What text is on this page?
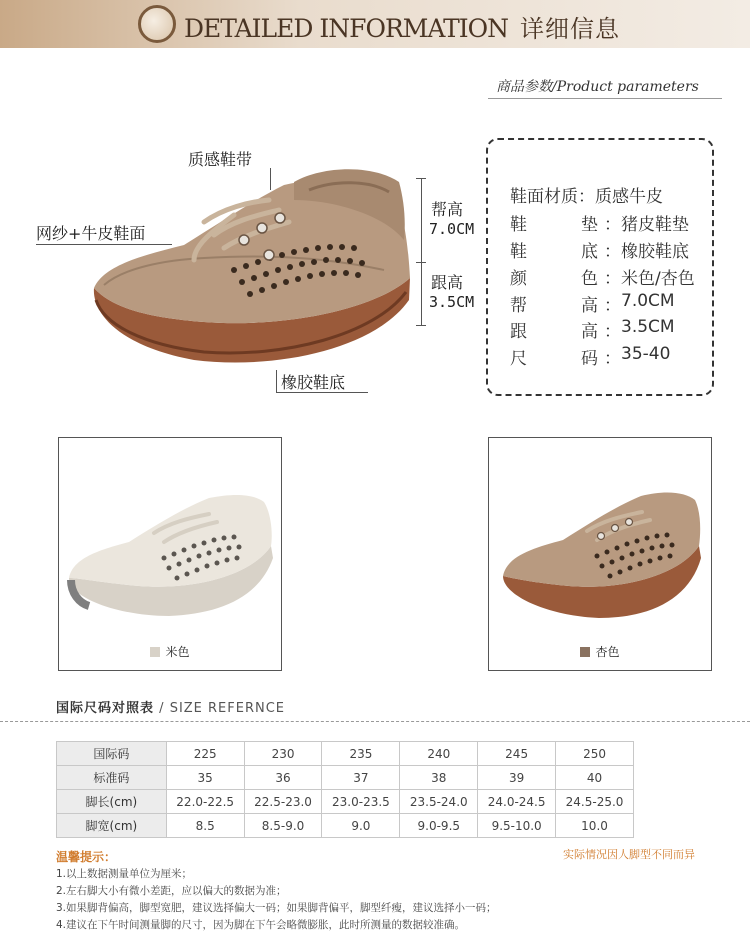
DETAILED INFORMATION 详细信息
商品参数/Product parameters
质感鞋带
网纱+牛皮鞋面
橡胶鞋底
帮高
7.0CM
跟高
3.5CM
鞋面材质 ： 质感牛皮
鞋	垫 ： 猪皮鞋垫
鞋	底 ： 橡胶鞋底
颜	色 ： 米色/杏色
帮	高 ： 7.0CM
跟	高 ： 3.5CM
尺	码 ： 35-40
米色	杏色
国际尺码对照表 / SIZE REFERNCE
国际码	225	230	235	240	245	250
标准码	35	36	37	38	39	40
脚长(cm)	22.0-22.5	22.5-23.0	23.0-23.5	23.5-24.0	24.0-24.5	24.5-25.0
脚宽(cm)	8.5	8.5-9.0	9.0	9.0-9.5	9.5-10.0	10.0
温馨提示：	实际情况因人脚型不同而异
1.以上数据测量单位为厘米；
2.左右脚大小有微小差距，应以偏大的数据为准；
3.如果脚背偏高，脚型宽肥，建议选择偏大一码；如果脚背偏平，脚型纤瘦，建议选择小一码；
4.建议在下午时间测量脚的尺寸，因为脚在下午会略微膨胀，此时所测量的数据较准确。
